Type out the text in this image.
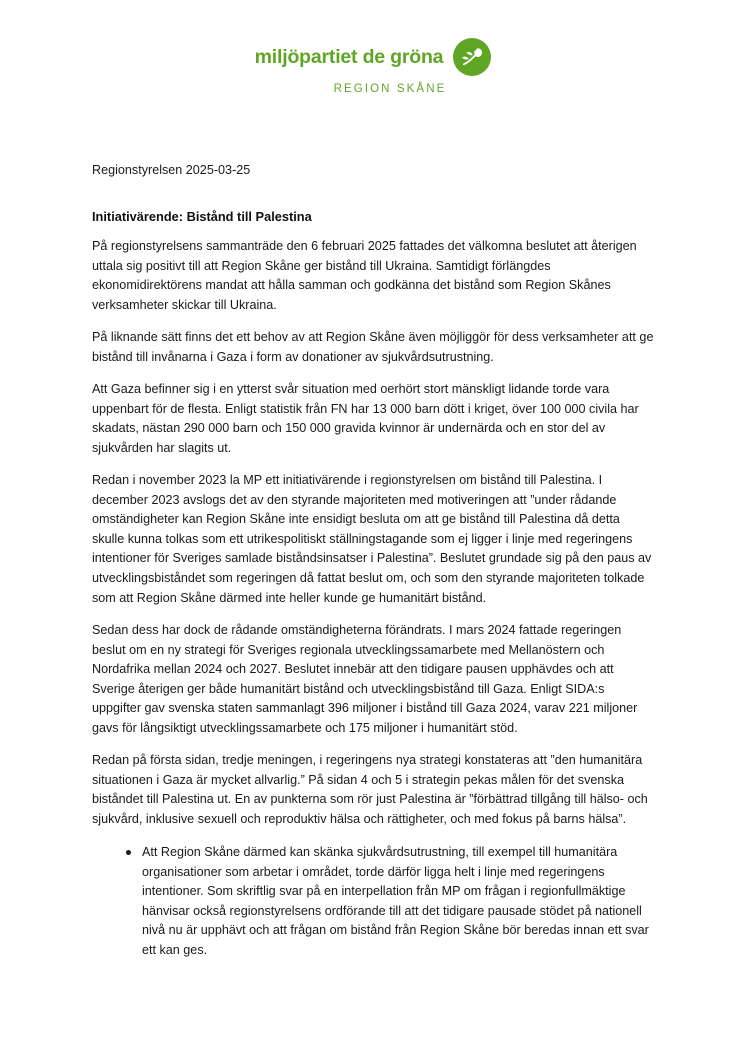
miljöpartiet de gröna
REGION SKÅNE
Regionstyrelsen 2025-03-25
Initiativärende: Bistånd till Palestina

På regionstyrelsens sammanträde den 6 februari 2025 fattades det välkomna beslutet att återigen uttala sig positivt till att Region Skåne ger bistånd till Ukraina. Samtidigt förlängdes ekonomidirektörens mandat att hålla samman och godkänna det bistånd som Region Skånes verksamheter skickar till Ukraina.

På liknande sätt finns det ett behov av att Region Skåne även möjliggör för dess verksamheter att ge bistånd till invånarna i Gaza i form av donationer av sjukvårdsutrustning.

Att Gaza befinner sig i en ytterst svår situation med oerhört stort mänskligt lidande torde vara uppenbart för de flesta. Enligt statistik från FN har 13 000 barn dött i kriget, över 100 000 civila har skadats, nästan 290 000 barn och 150 000 gravida kvinnor är undernärda och en stor del av sjukvården har slagits ut.

Redan i november 2023 la MP ett initiativärende i regionstyrelsen om bistånd till Palestina. I december 2023 avslogs det av den styrande majoriteten med motiveringen att ”under rådande omständigheter kan Region Skåne inte ensidigt besluta om att ge bistånd till Palestina då detta skulle kunna tolkas som ett utrikespolitiskt ställningstagande som ej ligger i linje med regeringens intentioner för Sveriges samlade biståndsinsatser i Palestina”. Beslutet grundade sig på den paus av utvecklingsbiståndet som regeringen då fattat beslut om, och som den styrande majoriteten tolkade som att Region Skåne därmed inte heller kunde ge humanitärt bistånd.

Sedan dess har dock de rådande omständigheterna förändrats. I mars 2024 fattade regeringen beslut om en ny strategi för Sveriges regionala utvecklingssamarbete med Mellanöstern och Nordafrika mellan 2024 och 2027. Beslutet innebär att den tidigare pausen upphävdes och att Sverige återigen ger både humanitärt bistånd och utvecklingsbistånd till Gaza. Enligt SIDA:s uppgifter gav svenska staten sammanlagt 396 miljoner i bistånd till Gaza 2024, varav 221 miljoner gavs för långsiktigt utvecklingssamarbete och 175 miljoner i humanitärt stöd.

Redan på första sidan, tredje meningen, i regeringens nya strategi konstateras att ”den humanitära situationen i Gaza är mycket allvarlig.” På sidan 4 och 5 i strategin pekas målen för det svenska biståndet till Palestina ut. En av punkterna som rör just Palestina är ”förbättrad tillgång till hälso- och sjukvård, inklusive sexuell och reproduktiv hälsa och rättigheter, och med fokus på barns hälsa”.

Att Region Skåne därmed kan skänka sjukvårdsutrustning, till exempel till humanitära organisationer som arbetar i området, torde därför ligga helt i linje med regeringens intentioner. Som skriftlig svar på en interpellation från MP om frågan i regionfullmäktige hänvisar också regionstyrelsens ordförande till att det tidigare pausade stödet på nationell nivå nu är upphävt och att frågan om bistånd från Region Skåne bör beredas innan ett svar ett kan ges.
